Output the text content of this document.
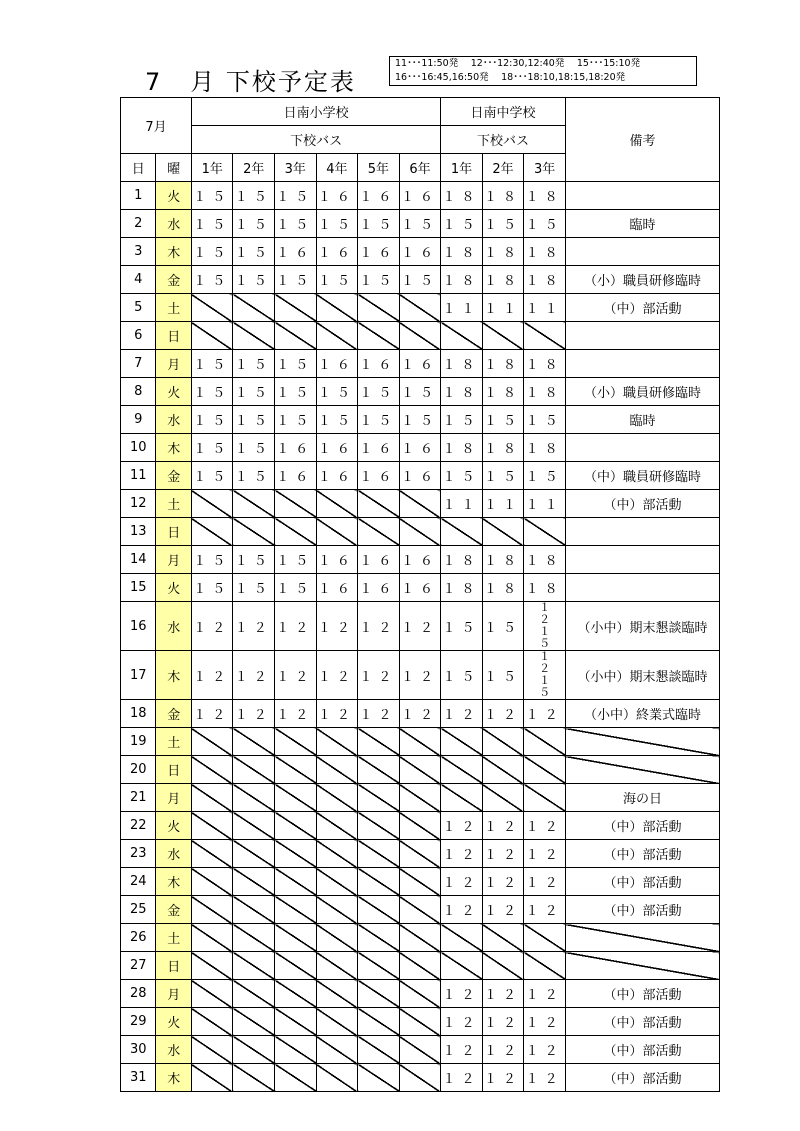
7 月 下校予定表
11･･･11:50発　 12･･･12:30,12:40発　 15･･･15:10発
16･･･16:45,16:50発　 18･･･18:10,18:15,18:20発
7月		日南小学校						日南中学校			備考
		下校バス						下校バス			
日	曜	1年	2年	3年	4年	5年	6年	1年	2年	3年	
1	火	１５	１５	１５	１６	１６	１６	１８	１８	１８	
2	水	１５	１５	１５	１５	１５	１５	１５	１５	１５	臨時
3	木	１５	１５	１６	１６	１６	１６	１８	１８	１８	
4	金	１５	１５	１５	１５	１５	１５	１８	１８	１８	（小）職員研修臨時
5	土							１１	１１	１１	（中）部活動
6	日										
7	月	１５	１５	１５	１６	１６	１６	１８	１８	１８	
8	火	１５	１５	１５	１５	１５	１５	１８	１８	１８	（小）職員研修臨時
9	水	１５	１５	１５	１５	１５	１５	１５	１５	１５	臨時
10	木	１５	１５	１６	１６	１６	１６	１８	１８	１８	
11	金	１５	１５	１６	１６	１６	１６	１５	１５	１５	（中）職員研修臨時
12	土							１１	１１	１１	（中）部活動
13	日										
14	月	１５	１５	１５	１６	１６	１６	１８	１８	１８	
15	火	１５	１５	１５	１６	１６	１６	１８	１８	１８	
16	水	１２	１２	１２	１２	１２	１２	１５	１５	１２ １５	（小中）期末懇談臨時
17	木	１２	１２	１２	１２	１２	１２	１５	１５	１２ １５	（小中）期末懇談臨時
18	金	１２	１２	１２	１２	１２	１２	１２	１２	１２	（小中）終業式臨時
19	土										
20	日										
21	月										海の日
22	火							１２	１２	１２	（中）部活動
23	水							１２	１２	１２	（中）部活動
24	木							１２	１２	１２	（中）部活動
25	金							１２	１２	１２	（中）部活動
26	土										
27	日										
28	月							１２	１２	１２	（中）部活動
29	火							１２	１２	１２	（中）部活動
30	水							１２	１２	１２	（中）部活動
31	木							１２	１２	１２	（中）部活動
